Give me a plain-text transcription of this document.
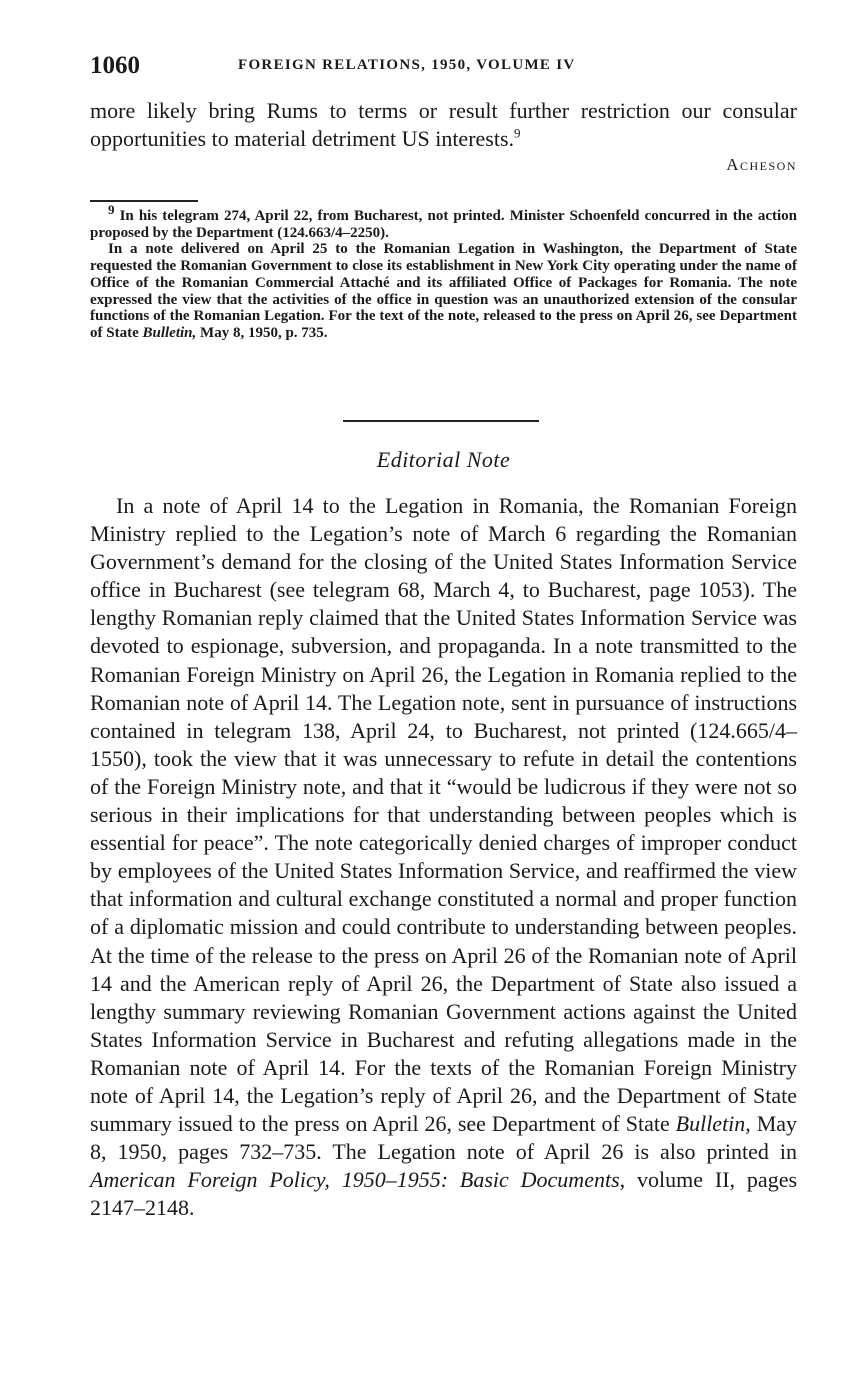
1060	FOREIGN RELATIONS, 1950, VOLUME IV

more likely bring Rums to terms or result further restriction our consular opportunities to material detriment US interests.$^9$

Acheson

9 In his telegram 274, April 22, from Bucharest, not printed. Minister Schoenfeld concurred in the action proposed by the Department (124.663/4–2250).

In a note delivered on April 25 to the Romanian Legation in Washington, the Department of State requested the Romanian Government to close its establishment in New York City operating under the name of Office of the Romanian Commercial Attaché and its affiliated Office of Packages for Romania. The note expressed the view that the activities of the office in question was an unauthorized extension of the consular functions of the Romanian Legation. For the text of the note, released to the press on April 26, see Department of State Bulletin, May 8, 1950, p. 735.

Editorial Note

In a note of April 14 to the Legation in Romania, the Romanian Foreign Ministry replied to the Legation’s note of March 6 regarding the Romanian Government’s demand for the closing of the United States Information Service office in Bucharest (see telegram 68, March 4, to Bucharest, page 1053). The lengthy Romanian reply claimed that the United States Information Service was devoted to espionage, subversion, and propaganda. In a note transmitted to the Romanian Foreign Ministry on April 26, the Legation in Romania replied to the Romanian note of April 14. The Legation note, sent in pursuance of instructions contained in telegram 138, April 24, to Bucharest, not printed (124.665/4–1550), took the view that it was unnecessary to refute in detail the contentions of the Foreign Ministry note, and that it “would be ludicrous if they were not so serious in their implications for that understanding between peoples which is essential for peace”. The note categorically denied charges of improper conduct by employees of the United States Information Service, and reaffirmed the view that information and cultural exchange constituted a normal and proper function of a diplomatic mission and could contribute to understanding between peoples. At the time of the release to the press on April 26 of the Romanian note of April 14 and the American reply of April 26, the Department of State also issued a lengthy summary reviewing Romanian Government actions against the United States Information Service in Bucharest and refuting allegations made in the Romanian note of April 14. For the texts of the Romanian Foreign Ministry note of April 14, the Legation’s reply of April 26, and the Department of State summary issued to the press on April 26, see Department of State Bulletin, May 8, 1950, pages 732–735. The Legation note of April 26 is also printed in American Foreign Policy, 1950–1955: Basic Documents, volume II, pages 2147–2148.
